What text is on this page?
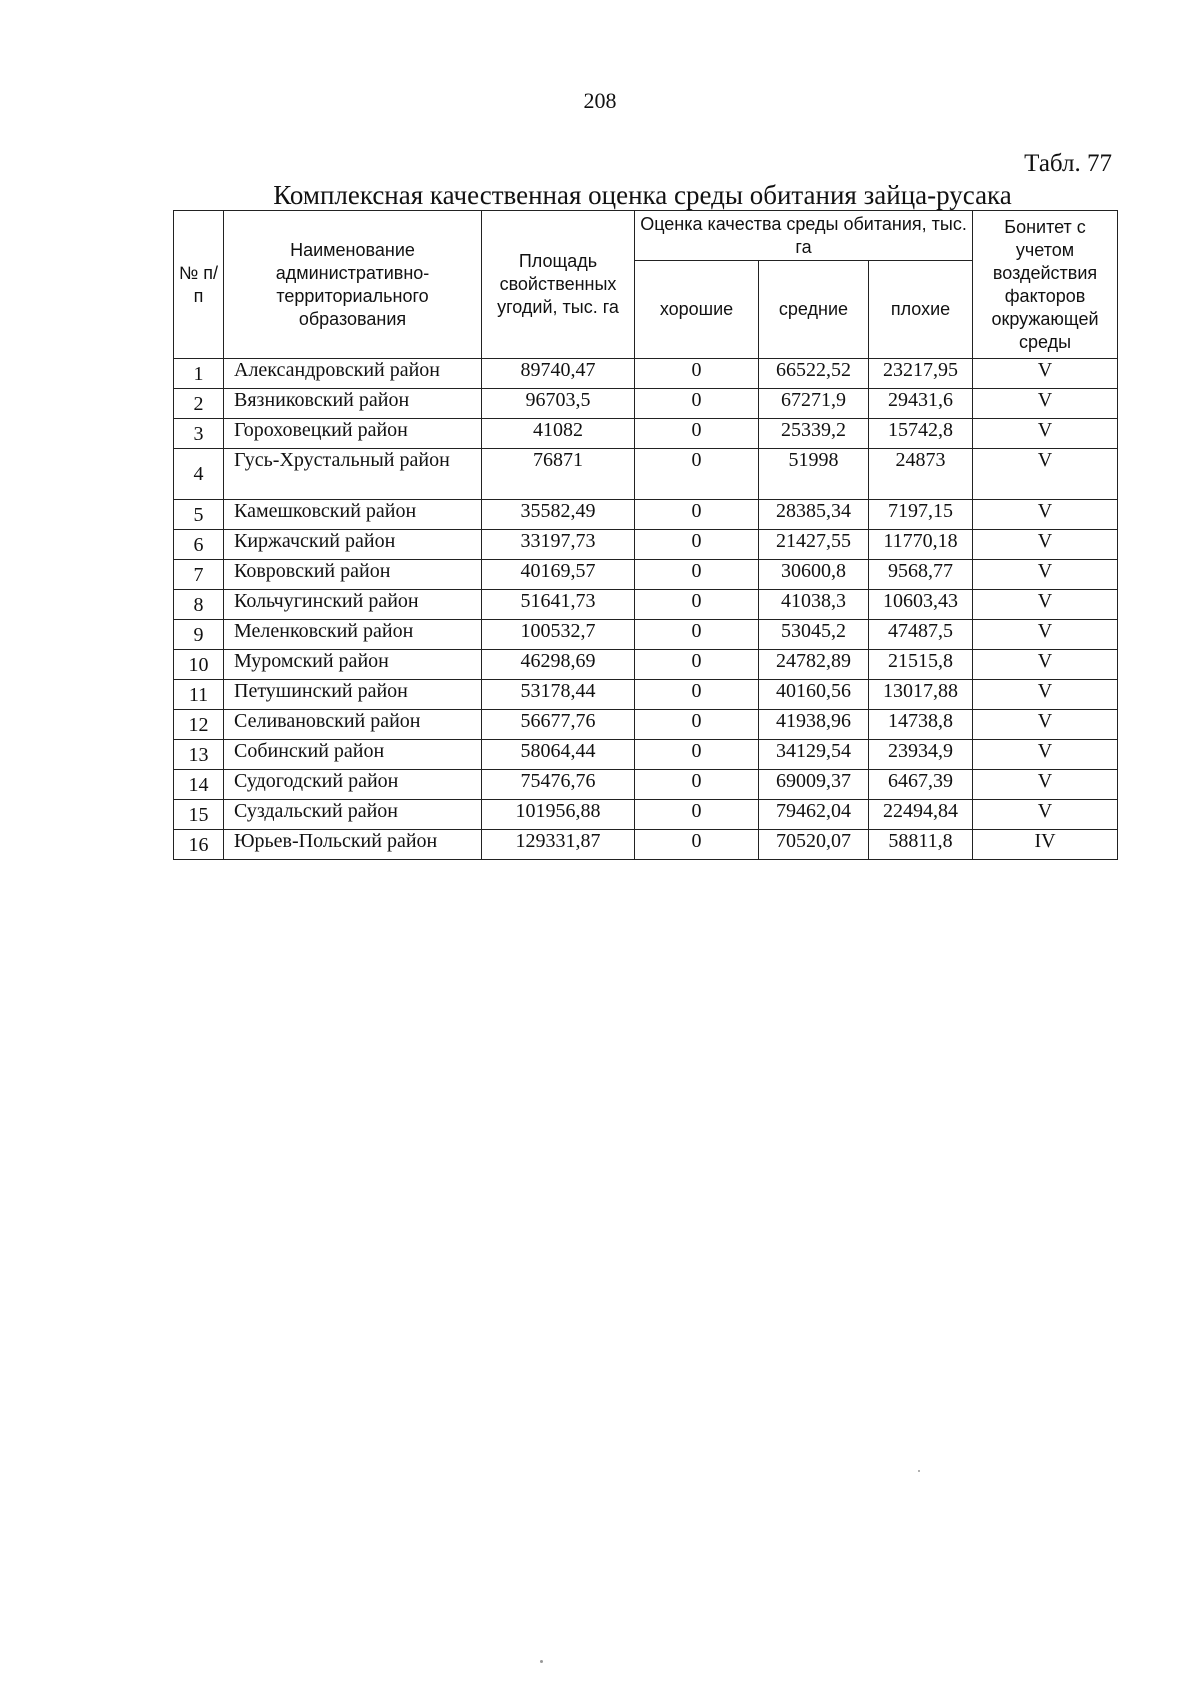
208
Табл. 77
Комплексная качественная оценка среды обитания зайца-русака
№ п/п	Наименование административно-территориального образования	Площадь свойственных угодий, тыс. га	Оценка качества среды обитания, тыс. га			Бонитет с учетом воздействия факторов окружающей среды
			хорошие	средние	плохие	
1	Александровский район	89740,47	0	66522,52	23217,95	V
2	Вязниковский район	96703,5	0	67271,9	29431,6	V
3	Гороховецкий район	41082	0	25339,2	15742,8	V
4	Гусь-Хрустальный район	76871	0	51998	24873	V
5	Камешковский район	35582,49	0	28385,34	7197,15	V
6	Киржачский район	33197,73	0	21427,55	11770,18	V
7	Ковровский район	40169,57	0	30600,8	9568,77	V
8	Кольчугинский район	51641,73	0	41038,3	10603,43	V
9	Меленковский район	100532,7	0	53045,2	47487,5	V
10	Муромский район	46298,69	0	24782,89	21515,8	V
11	Петушинский район	53178,44	0	40160,56	13017,88	V
12	Селивановский район	56677,76	0	41938,96	14738,8	V
13	Собинский район	58064,44	0	34129,54	23934,9	V
14	Судогодский район	75476,76	0	69009,37	6467,39	V
15	Суздальский район	101956,88	0	79462,04	22494,84	V
16	Юрьев-Польский район	129331,87	0	70520,07	58811,8	IV
